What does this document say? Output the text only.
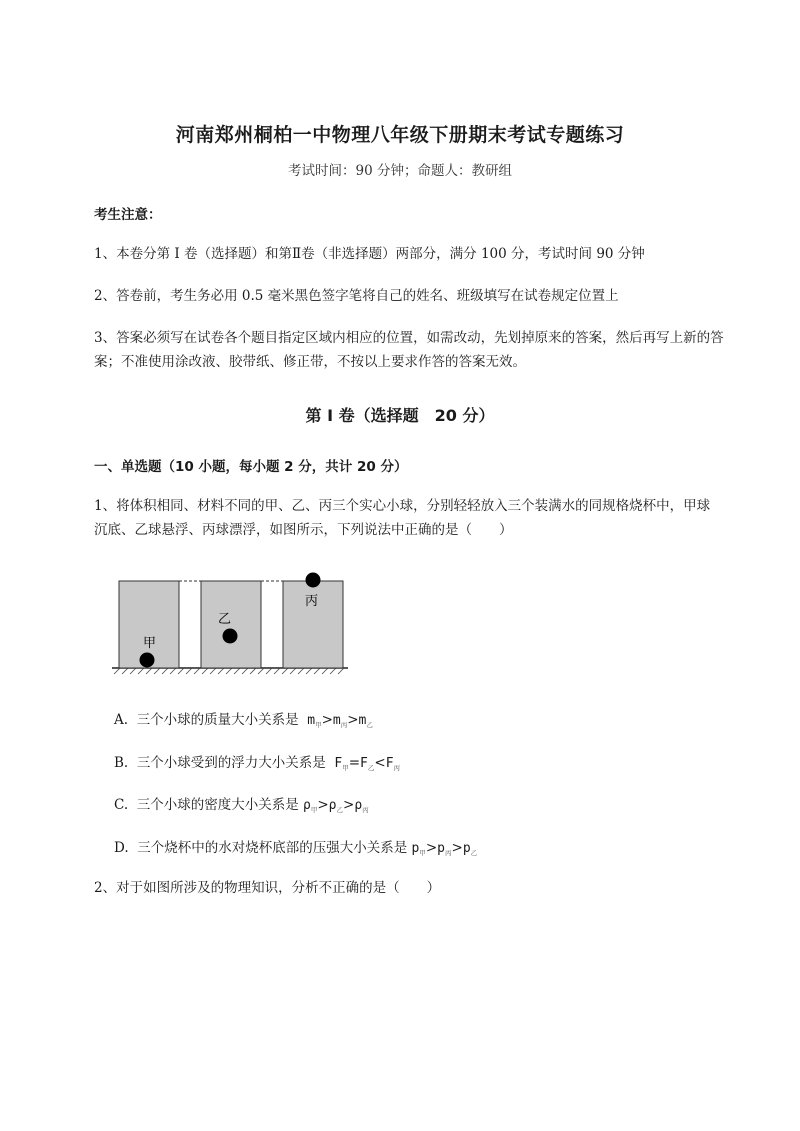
河南郑州桐柏一中物理八年级下册期末考试专题练习
考试时间：90 分钟；命题人：教研组
考生注意：
1、本卷分第 I 卷（选择题）和第Ⅱ卷（非选择题）两部分，满分 100 分，考试时间 90 分钟
2、答卷前，考生务必用 0.5 毫米黑色签字笔将自己的姓名、班级填写在试卷规定位置上
3、答案必须写在试卷各个题目指定区域内相应的位置，如需改动，先划掉原来的答案，然后再写上新的答案；不准使用涂改液、胶带纸、修正带，不按以上要求作答的答案无效。
第 I 卷（选择题　20 分）
一、单选题（10 小题，每小题 2 分，共计 20 分）
1、将体积相同、材料不同的甲、乙、丙三个实心小球，分别轻轻放入三个装满水的同规格烧杯中，甲球沉底、乙球悬浮、丙球漂浮，如图所示，下列说法中正确的是（　　）
甲
乙
丙
A. 三个小球的质量大小关系是 $m_甲>m_丙>m_乙$
B. 三个小球受到的浮力大小关系是 $F_甲=F_乙<F_丙$
C. 三个小球的密度大小关系是 $\rho_甲>\rho_乙>\rho_丙$
D. 三个烧杯中的水对烧杯底部的压强大小关系是 $p_甲>p_丙>p_乙$
2、对于如图所涉及的物理知识，分析不正确的是（　　）
